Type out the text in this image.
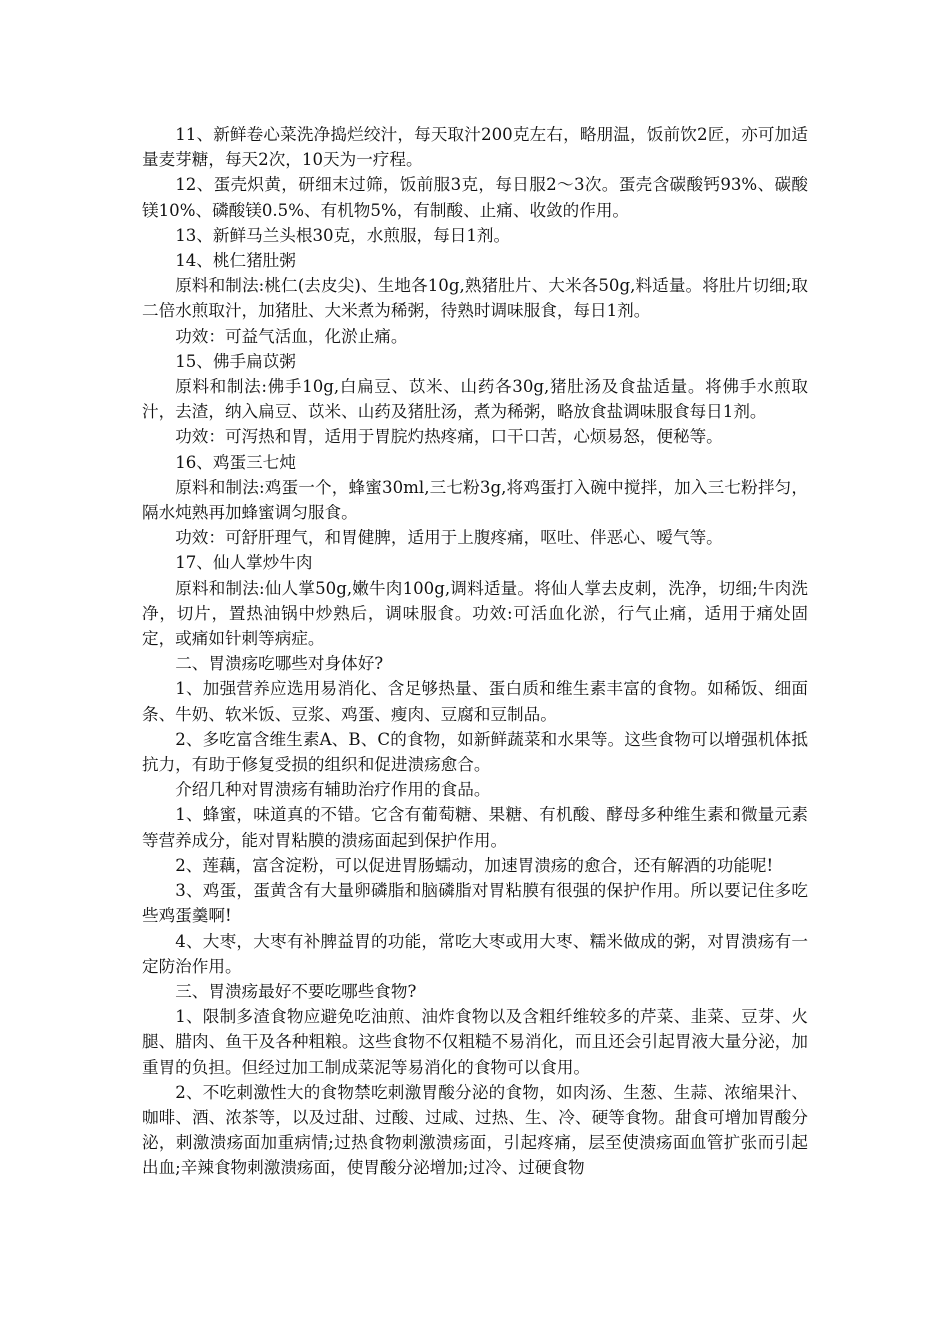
11、新鲜卷心菜洗净捣烂绞汁，每天取汁200克左右，略朋温，饭前饮2匠，亦可加适量麦芽糖，每天2次，10天为一疗程。

12、蛋壳炽黄，研细末过筛，饭前服3克，每日服2～3次。蛋壳含碳酸钙93%、碳酸镁10%、磷酸镁0.5%、有机物5%，有制酸、止痛、收敛的作用。

13、新鲜马兰头根30克，水煎服，每日1剂。

14、桃仁猪肚粥

原料和制法:桃仁(去皮尖)、生地各10g,熟猪肚片、大米各50g,料适量。将肚片切细;取二倍水煎取汁，加猪肚、大米煮为稀粥，待熟时调味服食，每日1剂。

功效：可益气活血，化淤止痛。

15、佛手扁苡粥

原料和制法:佛手10g,白扁豆、苡米、山药各30g,猪肚汤及食盐适量。将佛手水煎取汁，去渣，纳入扁豆、苡米、山药及猪肚汤，煮为稀粥，略放食盐调味服食每日1剂。

功效：可泻热和胃，适用于胃脘灼热疼痛，口干口苦，心烦易怒，便秘等。

16、鸡蛋三七炖

原料和制法:鸡蛋一个，蜂蜜30ml,三七粉3g,将鸡蛋打入碗中搅拌，加入三七粉拌匀，隔水炖熟再加蜂蜜调匀服食。

功效：可舒肝理气，和胃健脾，适用于上腹疼痛，呕吐、伴恶心、嗳气等。

17、仙人掌炒牛肉

原料和制法:仙人掌50g,嫩牛肉100g,调料适量。将仙人掌去皮刺，洗净，切细;牛肉洗净，切片，置热油锅中炒熟后，调味服食。功效:可活血化淤，行气止痛，适用于痛处固定，或痛如针刺等病症。

二、胃溃疡吃哪些对身体好?

1、加强营养应选用易消化、含足够热量、蛋白质和维生素丰富的食物。如稀饭、细面条、牛奶、软米饭、豆浆、鸡蛋、瘦肉、豆腐和豆制品。

2、多吃富含维生素A、B、C的食物，如新鲜蔬菜和水果等。这些食物可以增强机体抵抗力，有助于修复受损的组织和促进溃疡愈合。

介绍几种对胃溃疡有辅助治疗作用的食品。

1、蜂蜜，味道真的不错。它含有葡萄糖、果糖、有机酸、酵母多种维生素和微量元素等营养成分，能对胃粘膜的溃疡面起到保护作用。

2、莲藕，富含淀粉，可以促进胃肠蠕动，加速胃溃疡的愈合，还有解酒的功能呢!

3、鸡蛋，蛋黄含有大量卵磷脂和脑磷脂对胃粘膜有很强的保护作用。所以要记住多吃些鸡蛋羹啊!

4、大枣，大枣有补脾益胃的功能，常吃大枣或用大枣、糯米做成的粥，对胃溃疡有一定防治作用。

三、胃溃疡最好不要吃哪些食物?

1、限制多渣食物应避免吃油煎、油炸食物以及含粗纤维较多的芹菜、韭菜、豆芽、火腿、腊肉、鱼干及各种粗粮。这些食物不仅粗糙不易消化，而且还会引起胃液大量分泌，加重胃的负担。但经过加工制成菜泥等易消化的食物可以食用。

2、不吃刺激性大的食物禁吃刺激胃酸分泌的食物，如肉汤、生葱、生蒜、浓缩果汁、咖啡、酒、浓茶等，以及过甜、过酸、过咸、过热、生、冷、硬等食物。甜食可增加胃酸分泌，刺激溃疡面加重病情;过热食物刺激溃疡面，引起疼痛，层至使溃疡面血管扩张而引起出血;辛辣食物刺激溃疡面，使胃酸分泌增加;过冷、过硬食物
